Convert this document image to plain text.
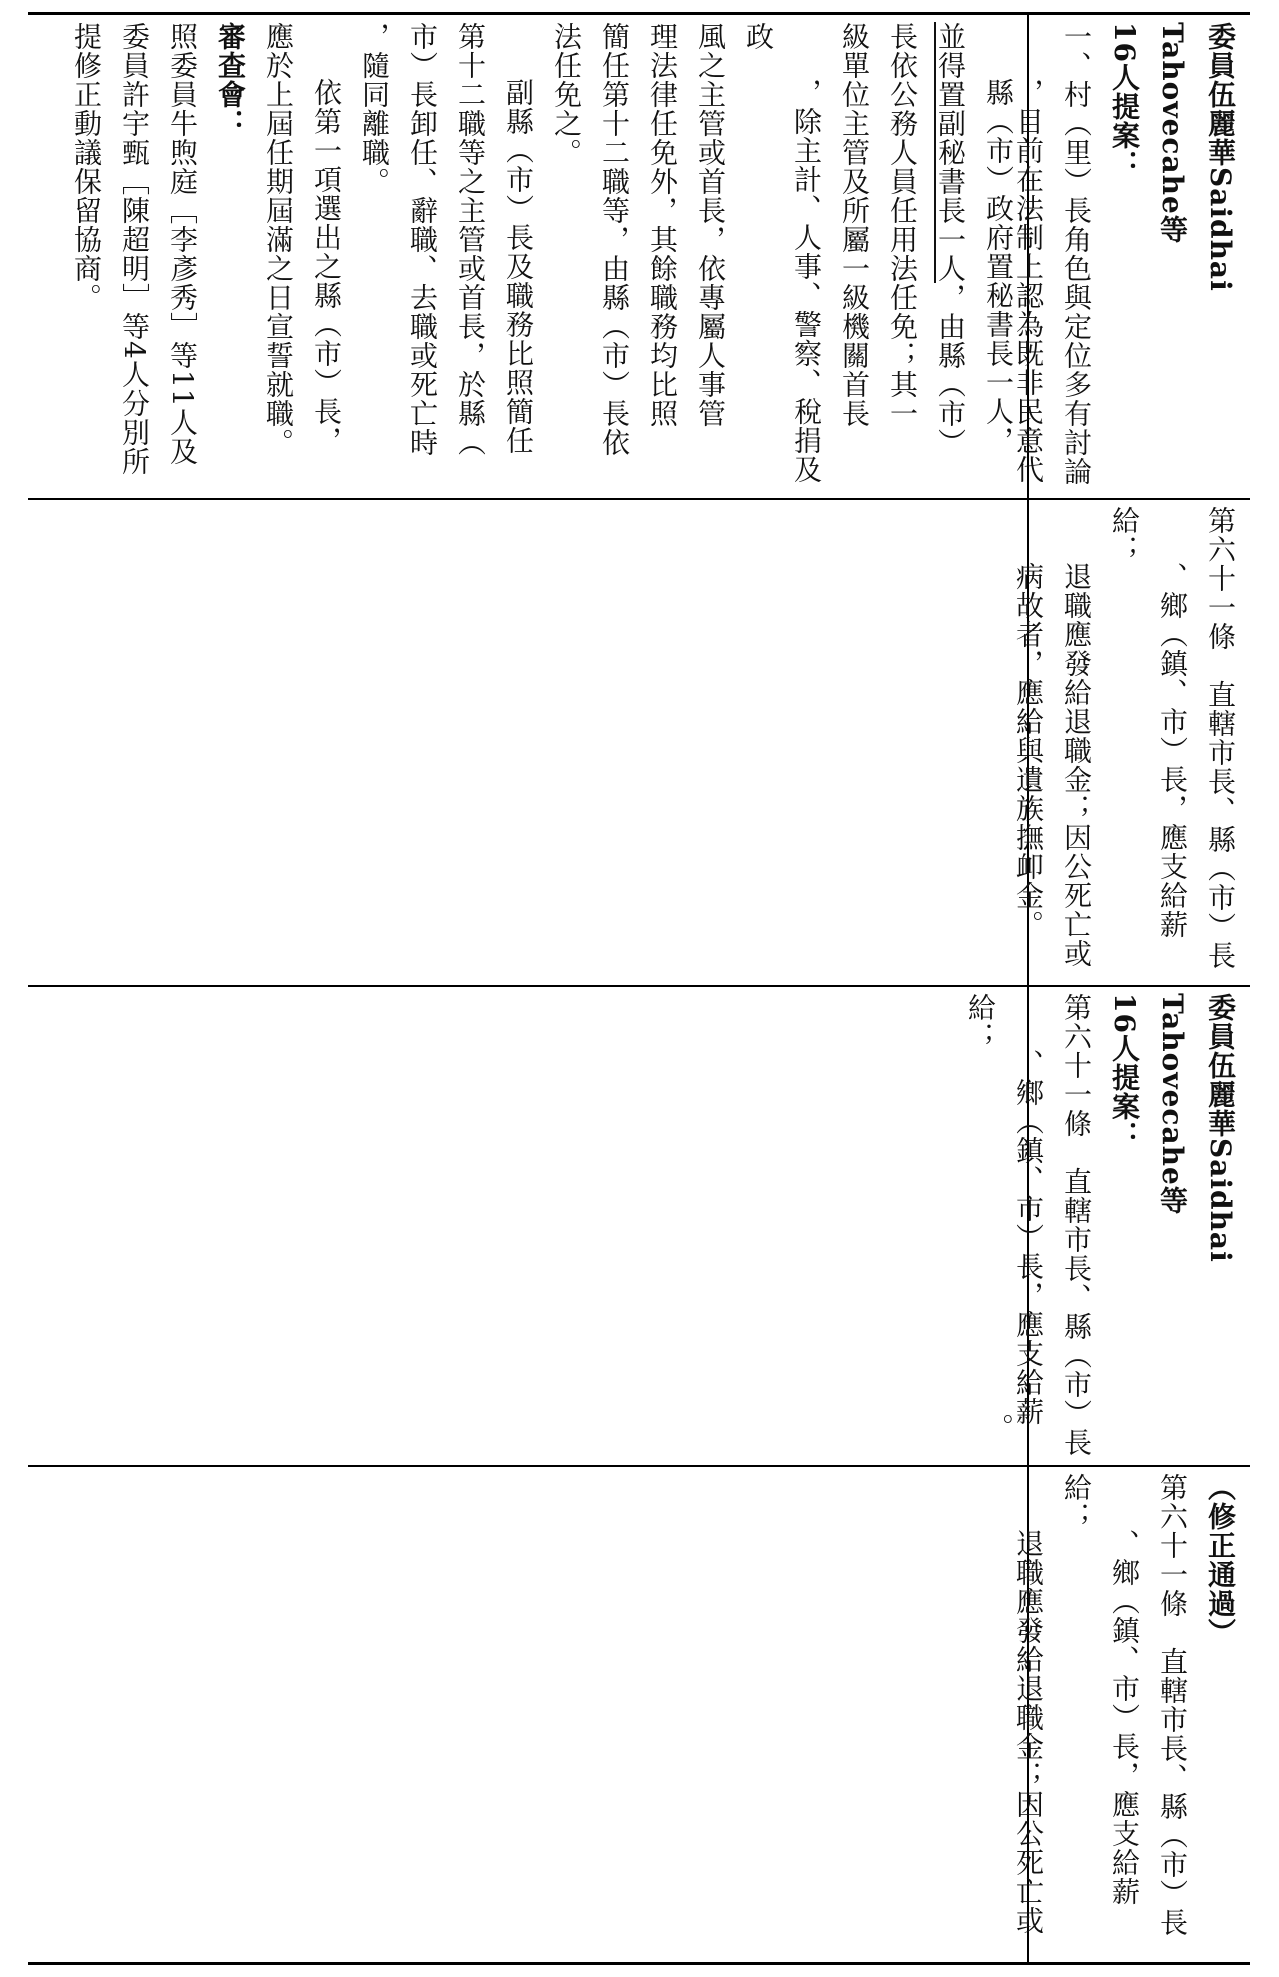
縣（市）政府置秘書長一人，

並得置副秘書長一人，由縣（市）

長依公務人員任用法任免；其一

級單位主管及所屬一級機關首長

，除主計、人事、警察、稅捐及政

風之主管或首長，依專屬人事管

理法律任免外，其餘職務均比照

簡任第十二職等，由縣（市）長依

法任免之。

副縣（市）長及職務比照簡任

第十二職等之主管或首長，於縣（

市）長卸任、辭職、去職或死亡時

，隨同離職。

依第一項選出之縣（市）長，

應於上屆任期屆滿之日宣誓就職。

審查會：

照委員牛煦庭［李彥秀］等11人及

委員許宇甄［陳超明］等4人分別所

提修正動議保留協商。	委員伍麗華Saidhai　Tahovecahe等

16人提案：

一、村（里）長角色與定位多有討論

，目前在法制上認為既非民意代

第六十一條　直轄市長、縣（市）長

、鄉（鎮、市）長，應支給薪給；

退職應發給退職金；因公死亡或

病故者，應給與遺族撫卹金。

。

委員伍麗華Saidhai　Tahovecahe等

16人提案：

第六十一條　直轄市長、縣（市）長

、鄉（鎮、市）長，應支給薪給；

（修正通過）

第六十一條　直轄市長、縣（市）長

、鄉（鎮、市）長，應支給薪給；

退職應發給退職金；因公死亡或
